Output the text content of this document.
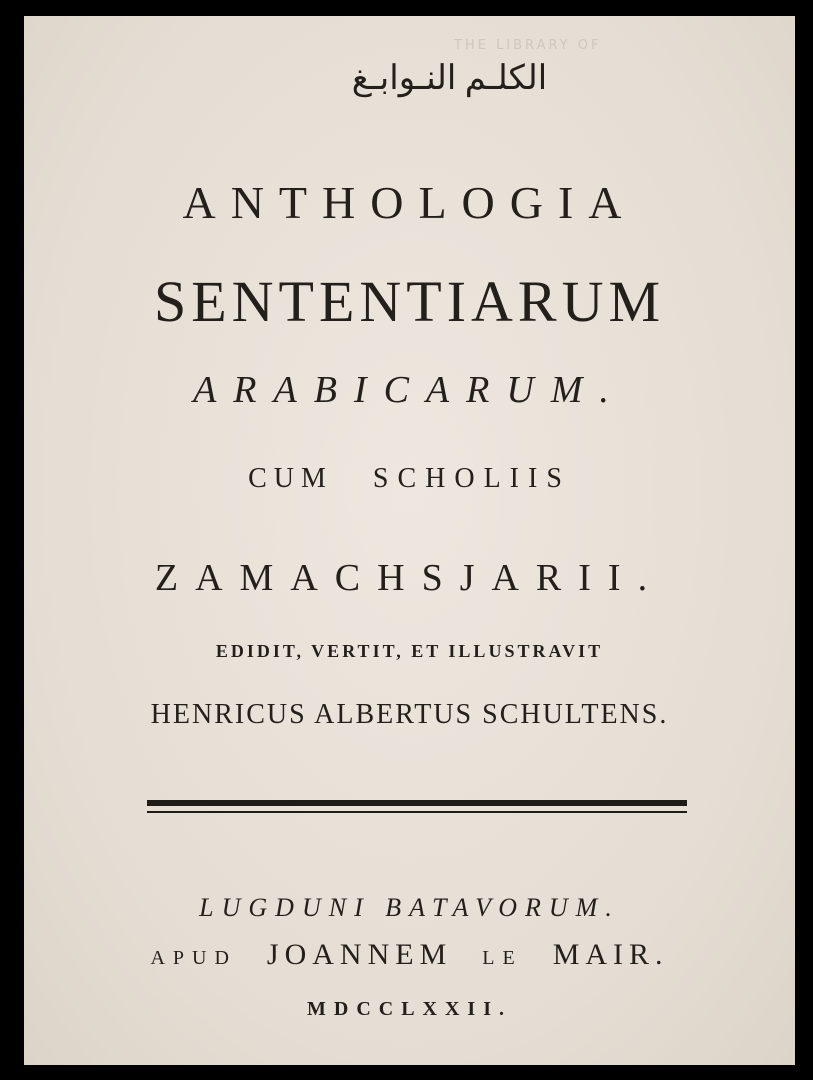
THE LIBRARY OF
الكلـم النـوابـغ
ANTHOLOGIA
SENTENTIARUM
ARABICARUM.
CUM SCHOLIIS
ZAMACHSJARII.
EDIDIT, VERTIT, ET ILLUSTRAVIT
HENRICUS ALBERTUS SCHULTENS.
LUGDUNI BATAVORUM.
APUD JOANNEM LE MAIR.
MDCCLXXII.
